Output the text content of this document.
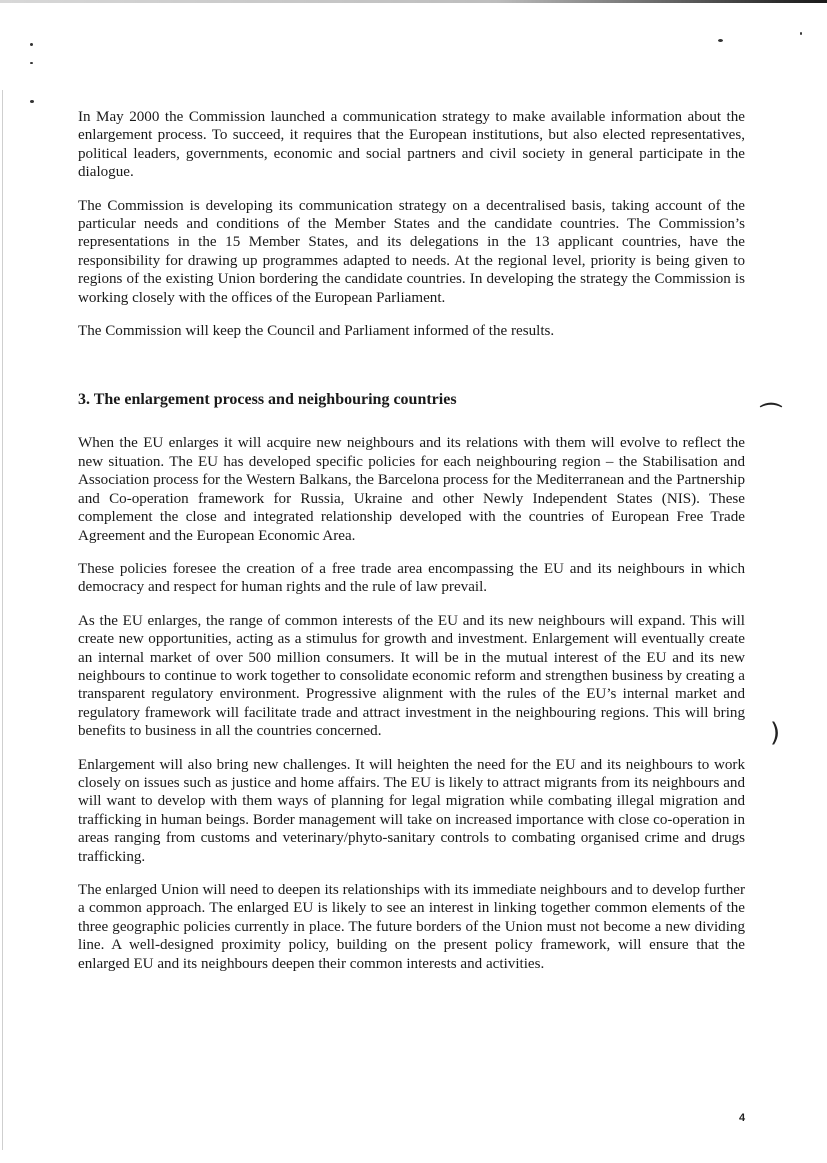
⌒
)

In May 2000 the Commission launched a communication strategy to make available information about the enlargement process. To succeed, it requires that the European institutions, but also elected representatives, political leaders, governments, economic and social partners and civil society in general participate in the dialogue.

The Commission is developing its communication strategy on a decentralised basis, taking account of the particular needs and conditions of the Member States and the candidate countries. The Commission’s representations in the 15 Member States, and its delegations in the 13 applicant countries, have the responsibility for drawing up programmes adapted to needs. At the regional level, priority is being given to regions of the existing Union bordering the candidate countries. In developing the strategy the Commission is working closely with the offices of the European Parliament.

The Commission will keep the Council and Parliament informed of the results.

3. The enlargement process and neighbouring countries

When the EU enlarges it will acquire new neighbours and its relations with them will evolve to reflect the new situation. The EU has developed specific policies for each neighbouring region – the Stabilisation and Association process for the Western Balkans, the Barcelona process for the Mediterranean and the Partnership and Co-operation framework for Russia, Ukraine and other Newly Independent States (NIS). These complement the close and integrated relationship developed with the countries of European Free Trade Agreement and the European Economic Area.

These policies foresee the creation of a free trade area encompassing the EU and its neighbours in which democracy and respect for human rights and the rule of law prevail.

As the EU enlarges, the range of common interests of the EU and its new neighbours will expand. This will create new opportunities, acting as a stimulus for growth and investment. Enlargement will eventually create an internal market of over 500 million consumers. It will be in the mutual interest of the EU and its new neighbours to continue to work together to consolidate economic reform and strengthen business by creating a transparent regulatory environment. Progressive alignment with the rules of the EU’s internal market and regulatory framework will facilitate trade and attract investment in the neighbouring regions. This will bring benefits to business in all the countries concerned.

Enlargement will also bring new challenges. It will heighten the need for the EU and its neighbours to work closely on issues such as justice and home affairs. The EU is likely to attract migrants from its neighbours and will want to develop with them ways of planning for legal migration while combating illegal migration and trafficking in human beings. Border management will take on increased importance with close co-operation in areas ranging from customs and veterinary/phyto-sanitary controls to combating organised crime and drugs trafficking.

The enlarged Union will need to deepen its relationships with its immediate neighbours and to develop further a common approach. The enlarged EU is likely to see an interest in linking together common elements of the three geographic policies currently in place. The future borders of the Union must not become a new dividing line. A well-designed proximity policy, building on the present policy framework, will ensure that the enlarged EU and its neighbours deepen their common interests and activities.

4
